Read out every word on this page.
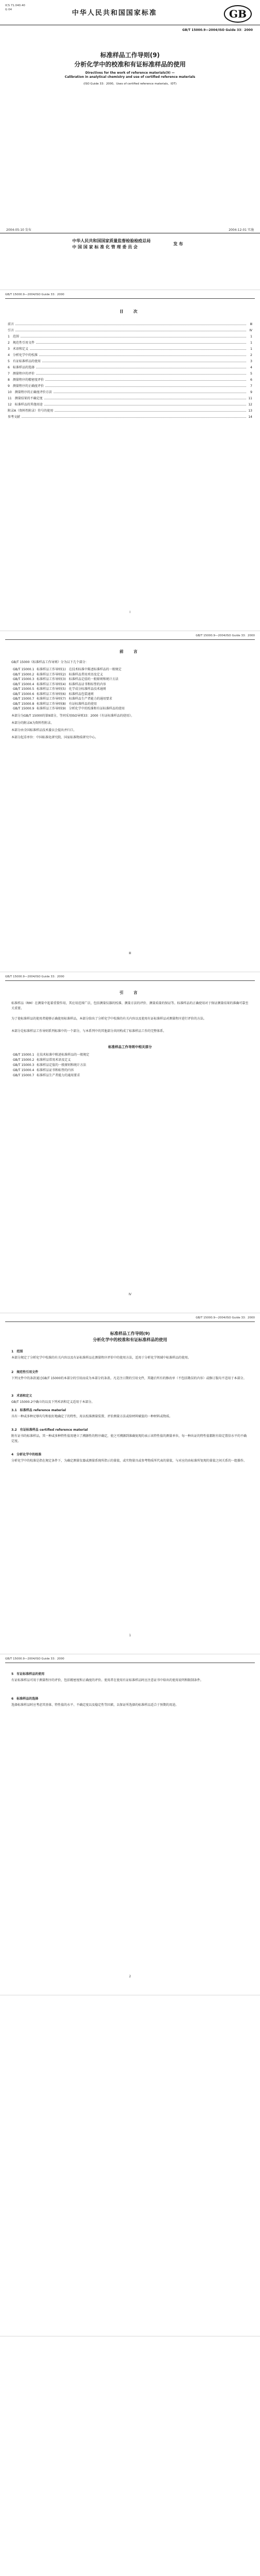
ICS 71.040.40
G 04	GB
中华人民共和国国家标准
GB/T 15000.9—2004/ISO Guide 33：2000
标准样品工作导则(9)
分析化学中的校准和有证标准样品的使用
Directives for the work of reference materials(9) —
Calibration in analytical chemistry and use of certified reference materials
(ISO Guide 33：2000，Uses of certified reference materials，IDT)
2004-05-10 发布	2004-12-01 实施
中华人民共和国国家质量监督检验检疫总局
中 国 国 家 标 准 化 管 理 委 员 会
发 布
GB/T 15000.9—2004/ISO Guide 33：2000
目　次
前言	Ⅲ
引言	Ⅳ
1　范围	1
2　规范性引用文件	1
3　术语和定义	1
4　分析化学中的校准	2
5　有证标准样品的使用	3
6　标准样品的选择	4
7　测量程序的评价	5
8　测量程序的精密度评价	6
9　测量程序的正确度评价	7
10　测量程序的正确度评价方法	9
11　测量结果的不确定度	11
12　标准样品的其他用途	12
附录A（资料性附录）符号的使用	13
参考文献	14
Ⅰ
GB/T 15000.9—2004/ISO Guide 33：2000
前　言
GB/T 15000《标准样品工作导则》分为以下几个部分：
GB/T 15000.1 标准样品工作导则(1)　在技术标准中陈述标准样品的一般规定
GB/T 15000.2 标准样品工作导则(2)　标准样品常用术语及定义
GB/T 15000.3 标准样品工作导则(3)　标准样品定值的一般原则和统计方法
GB/T 15000.4 标准样品工作导则(4)　标准样品证书和标签的内容
GB/T 15000.5 标准样品工作导则(5)　化学成分标准样品技术通则
GB/T 15000.6 标准样品工作导则(6)　标准样品包装通则
GB/T 15000.7 标准样品工作导则(7)　标准样品生产者能力的通用要求
GB/T 15000.8 标准样品工作导则(8)　有证标准样品的使用
GB/T 15000.9 标准样品工作导则(9)　分析化学中的校准和有证标准样品的使用
本部分为GB/T 15000的第9部分，等同采用ISO导则33：2000《有证标准样品的使用》。
本部分的附录A为资料性附录。
本部分由全国标准样品技术委员会提出并归口。
本部分起草单位：中国标准化研究院、国家标准物质研究中心。
Ⅲ
GB/T 15000.9—2004/ISO Guide 33：2000
引　言
标准样品（RM）在测量中起着重要作用，其应用范围广泛，包括测量仪器的校准、测量方法的评价、测量质量的保证等。标准样品的正确使用对于保证测量结果的准确可靠至关重要。
为了使标准样品的使用者能够正确使用标准样品，本部分给出了分析化学中校准的有关内容以及使用有证标准样品对测量程序进行评价的方法。
本部分是标准样品工作导则系列标准中的一个部分，与本系列中的其他部分共同构成了标准样品工作的完整体系。
标准样品工作导则中相关部分
GB/T 15000.1 在技术标准中陈述标准样品的一般规定
GB/T 15000.2 标准样品常用术语及定义
GB/T 15000.3 标准样品定值的一般原则和统计方法
GB/T 15000.4 标准样品证书和标签的内容
GB/T 15000.7 标准样品生产者能力的通用要求
Ⅳ
GB/T 15000.9—2004/ISO Guide 33：2000
标准样品工作导则(9)
分析化学中的校准和有证标准样品的使用
1　范围
本部分规定了分析化学中校准的有关内容以及有证标准样品在测量程序评价中的使用方法，适用于分析化学领域中标准样品的使用。
2　规范性引用文件
下列文件中的条款通过GB/T 15000的本部分的引用而成为本部分的条款。凡是注日期的引用文件，其随后所有的修改单（不包括勘误的内容）或修订版均不适用于本部分。
3　术语和定义
GB/T 15000.2中确立的以及下列术语和定义适用于本部分。
3.1　标准样品 reference material
具有一种或多种足够均匀和很好地确定了的特性，用以校准测量装置、评价测量方法或给材料赋值的一种材料或物质。
3.2　有证标准样品 certified reference material
附有证书的标准样品，其一种或多种特性值用建立了溯源性的程序确定，使之可溯源到准确复现的表示该特性值的测量单位，每一种出证的特性值都附有给定置信水平的不确定度。
4　分析化学中的校准
分析化学中的校准是指在规定条件下，为确定测量仪器或测量系统所指示的量值，或实物量具或参考物质所代表的量值，与对应的由标准所复现的量值之间关系的一组操作。
1
GB/T 15000.9—2004/ISO Guide 33：2000
5　有证标准样品的使用
有证标准样品可用于测量程序的评价，包括精密度和正确度的评价。使用者在使用有证标准样品时应注意证书中给出的使用说明和限制条件。
6　标准样品的选择
选择标准样品时应考虑其基体、特性值的水平、不确定度以及稳定性等因素，以保证所选择的标准样品适合于预期的用途。
2
